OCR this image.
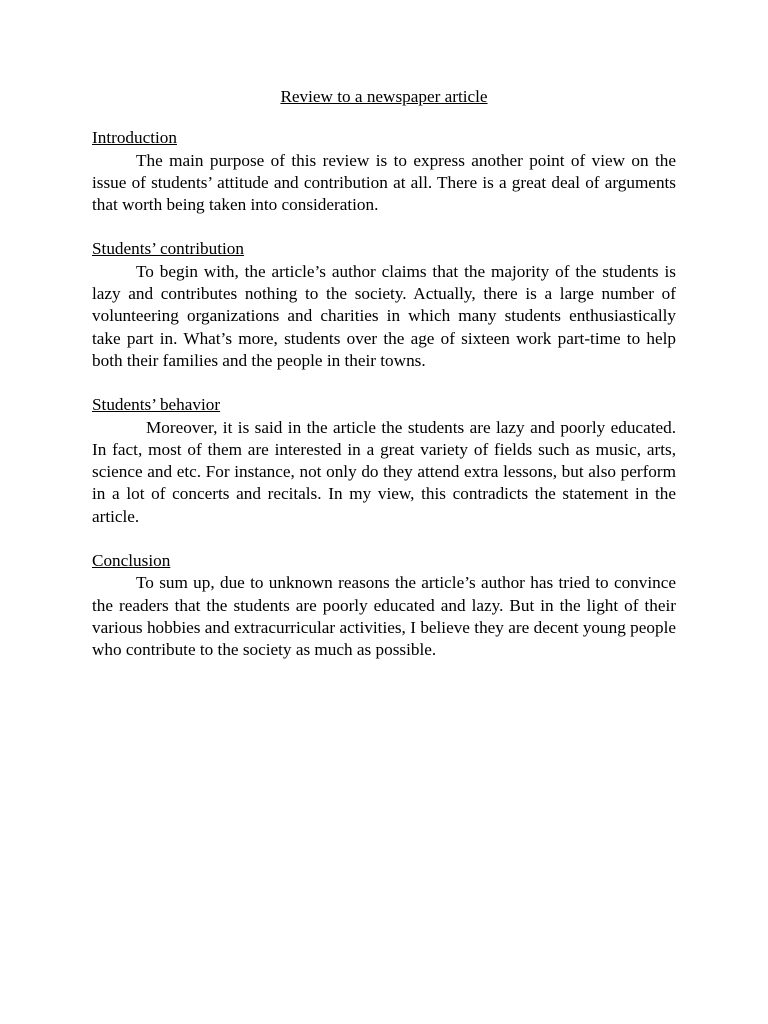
Review to a newspaper article

Introduction

The main purpose of this review is to express another point of view on the issue of students’ attitude and contribution at all. There is a great deal of arguments that worth being taken into consideration.

Students’ contribution

To begin with, the article’s author claims that the majority of the students is lazy and contributes nothing to the society. Actually, there is a large number of volunteering organizations and charities in which many students enthusiastically take part in. What’s more, students over the age of sixteen work part-time to help both their families and the people in their towns.

Students’ behavior

Moreover, it is said in the article the students are lazy and poorly educated. In fact, most of them are interested in a great variety of fields such as music, arts, science and etc. For instance, not only do they attend extra lessons, but also perform in a lot of concerts and recitals. In my view, this contradicts the statement in the article.

Conclusion

To sum up, due to unknown reasons the article’s author has tried to convince the readers that the students are poorly educated and lazy. But in the light of their various hobbies and extracurricular activities, I believe they are decent young people who contribute to the society as much as possible.
